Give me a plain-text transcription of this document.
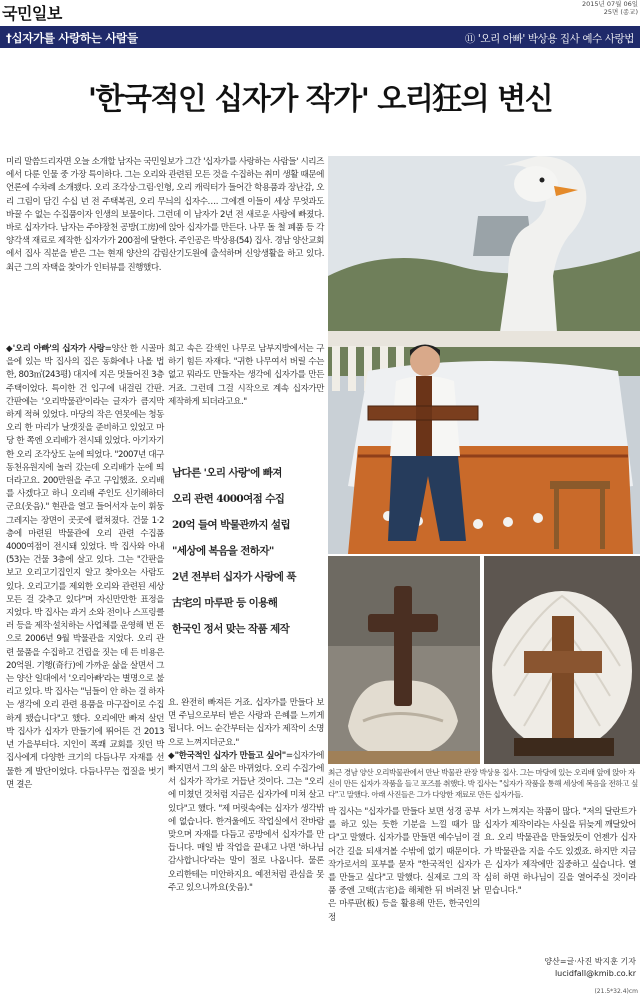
국민일보	2015년 07월 06일
25면 (종교)
†십자가를 사랑하는 사람들	⑪ '오리 아빠' 박상용 집사 예수 사랑법
'한국적인 십자가 작가' 오리狂의 변신
미리 말씀드리자면 오늘 소개할 남자는 국민일보가 그간 '십자가를 사랑하는 사람들' 시리즈에서 다룬 인물 중 가장 특이하다. 그는 오리와 관련된 모든 것을 수집하는 취미 생활 때문에 언론에 수차례 소개됐다. 오리 조각상·그림·인형, 오리 캐릭터가 들어간 학용품과 장난감, 오리 그림이 담긴 수십 년 전 주택복권, 오리 무늬의 십자수…. 그에겐 이들이 세상 무엇과도 바꿀 수 없는 수집품이자 인생의 보물이다. 그런데 이 남자가 2년 전 새로운 사랑에 빠졌다. 바로 십자가다. 남자는 주야장천 공방(工房)에 앉아 십자가를 만든다. 나무 돌 철 폐품 등 각양각색 재료로 제작한 십자가가 200점에 달한다. 주인공은 박상용(54) 집사. 경남 양산교회에서 집사 직분을 받은 그는 현재 양산의 감림산기도원에 출석하며 신앙생활을 하고 있다. 최근 그의 자택을 찾아가 인터뷰를 진행했다.
◆'오리 아빠'의 십자가 사랑=양산 한 시골마을에 있는 박 집사의 집은 동화에나 나올 법한, 803㎡(243평) 대지에 지은 멋들어진 3층 주택이었다. 특이한 건 입구에 내걸린 간판. 간판에는 '오리박물관'이라는 글자가 큼지막하게 적혀 있었다. 마당의 작은 연못에는 청동오리 한 마리가 날갯짓을 준비하고 있었고 마당 한 쪽엔 오리배가 전시돼 있었다. 아기자기한 오리 조각상도 눈에 띄었다. "2007년 대구 동천유원지에 놀러 갔는데 오리배가 눈에 띄더라고요. 200만원을 주고 구입했죠. 오리배를 사겠다고 하니 오리배 주인도 신기해하더군요(웃음)." 현관을 열고 들어서자 눈이 휘둥그레지는 장면이 곳곳에 펼쳐졌다. 건물 1·2층에 마련된 박물관에 오리 관련 수집품 4000여점이 전시돼 있었다. 박 집사와 아내(53)는 건물 3층에 살고 있다. 그는 "간판을 보고 오리고기집인지 알고 찾아오는 사람도 있다. 오리고기를 제외한 오리와 관련된 세상 모든 걸 갖추고 있다"며 자신만만한 표정을 지었다. 박 집사는 과거 소와 전이나 스프링클러 등을 제작·설치하는 사업체를 운영해 번 돈으로 2006년 9월 박물관을 지었다. 오리 관련 물품을 수집하고 건립을 짓는 데 든 비용은 20억원. 기행(奇行)에 가까운 삶을 살면서 그는 양산 일대에서 '오리아빠'라는 별명으로 불리고 있다. 박 집사는 "님들이 안 하는 걸 하자는 생각에 오리 관련 용품을 마구잡이로 수집하게 됐습니다"고 했다. 오리에만 빠져 살던 박 집사가 십자가 만들기에 뛰어든 건 2013년 가을부터다. 지인이 폭쾌 교회를 짓던 박 집사에게 다양한 크기의 다듬나무 자재를 선물한 게 발단이었다. 다듬나무는 껍질을 벗기면 결은
희고 속은 갈색인 나무로 남부지방에서는 구하기 힘든 자재다. "귀한 나무여서 버릴 수는 없고 뭐라도 만들자는 생각에 십자가를 만든 거죠. 그런데 그걸 시작으로 계속 십자가만 제작하게 되더라고요."
남다른 '오리 사랑'에 빠져
오리 관련 4000여점 수집
20억 들여 박물관까지 설립
"세상에 복음을 전하자"
2년 전부터 십자가 사랑에 푹
古宅의 마루판 등 이용해
한국인 정서 맞는 작품 제작
요. 완전히 빠져든 거죠. 십자가를 만들다 보면 주님으로부터 받은 사랑과 은혜를 느끼게 됩니다. 어느 순간부터는 십자가 제작이 소명으로 느껴지더군요."
◆"한국적인 십자가 만들고 싶어"=십자가에 빠지면서 그의 삶은 바뀌었다. 오리 수집가에서 십자가 작가로 거듭난 것이다. 그는 "오리에 미쳤던 것처럼 지금은 십자가에 미쳐 살고 있다"고 했다. "제 머릿속에는 십자가 생각밖에 없습니다. 한겨울에도 작업실에서 잔바람 맞으며 자재를 다듬고 공방에서 십자가를 만듭니다. 매일 밤 작업을 끝내고 나면 '하나님 감사합니다'라는 말이 절로 나옵니다. 물론 오리한테는 미안하지요. 예전처럼 관심을 못 주고 있으니까요(웃음)."
최근 경남 양산 오리박물관에서 만난 박물관 관장 박상용 집사. 그는 마당에 있는 오리배 앞에 앉아 자신이 만든 십자가 작품을 들고 포즈를 취했다. 박 집사는 "십자가 작품을 통해 세상에 복음을 전하고 싶다"고 말했다. 아래 사진들은 그가 다양한 재료로 만든 십자가들.
박 집사는 "십자가를 만들다 보면 성경 공부를 하고 있는 듯한 기분을 느낄 때가 많다"고 말했다. 십자가를 만들면 예수님이 걸어간 길을 되새겨볼 수밖에 없기 때문이다. 작가로서의 포부를 묻자 "한국적인 십자가를 만들고 싶다"고 말했다. 실제로 그의 작품 중엔 고택(古宅)을 해체한 뒤 버려진 낡은 마루판(板) 등을 활용해 만든, 한국인의 정
서가 느껴지는 작품이 많다. "저의 달란트가 십자가 제작이라는 사실을 뒤늦게 깨달았어요. 오리 박물관을 만들었듯이 언젠가 십자가 박물관을 지을 수도 있겠죠. 하지만 지금은 십자가 제작에만 집중하고 싶습니다. 열심히 하면 하나님이 길을 열어주실 것이라 믿습니다."
양산=글·사진 박지훈 기자
lucidfall@kmib.co.kr
(21.5*32.4)cm
